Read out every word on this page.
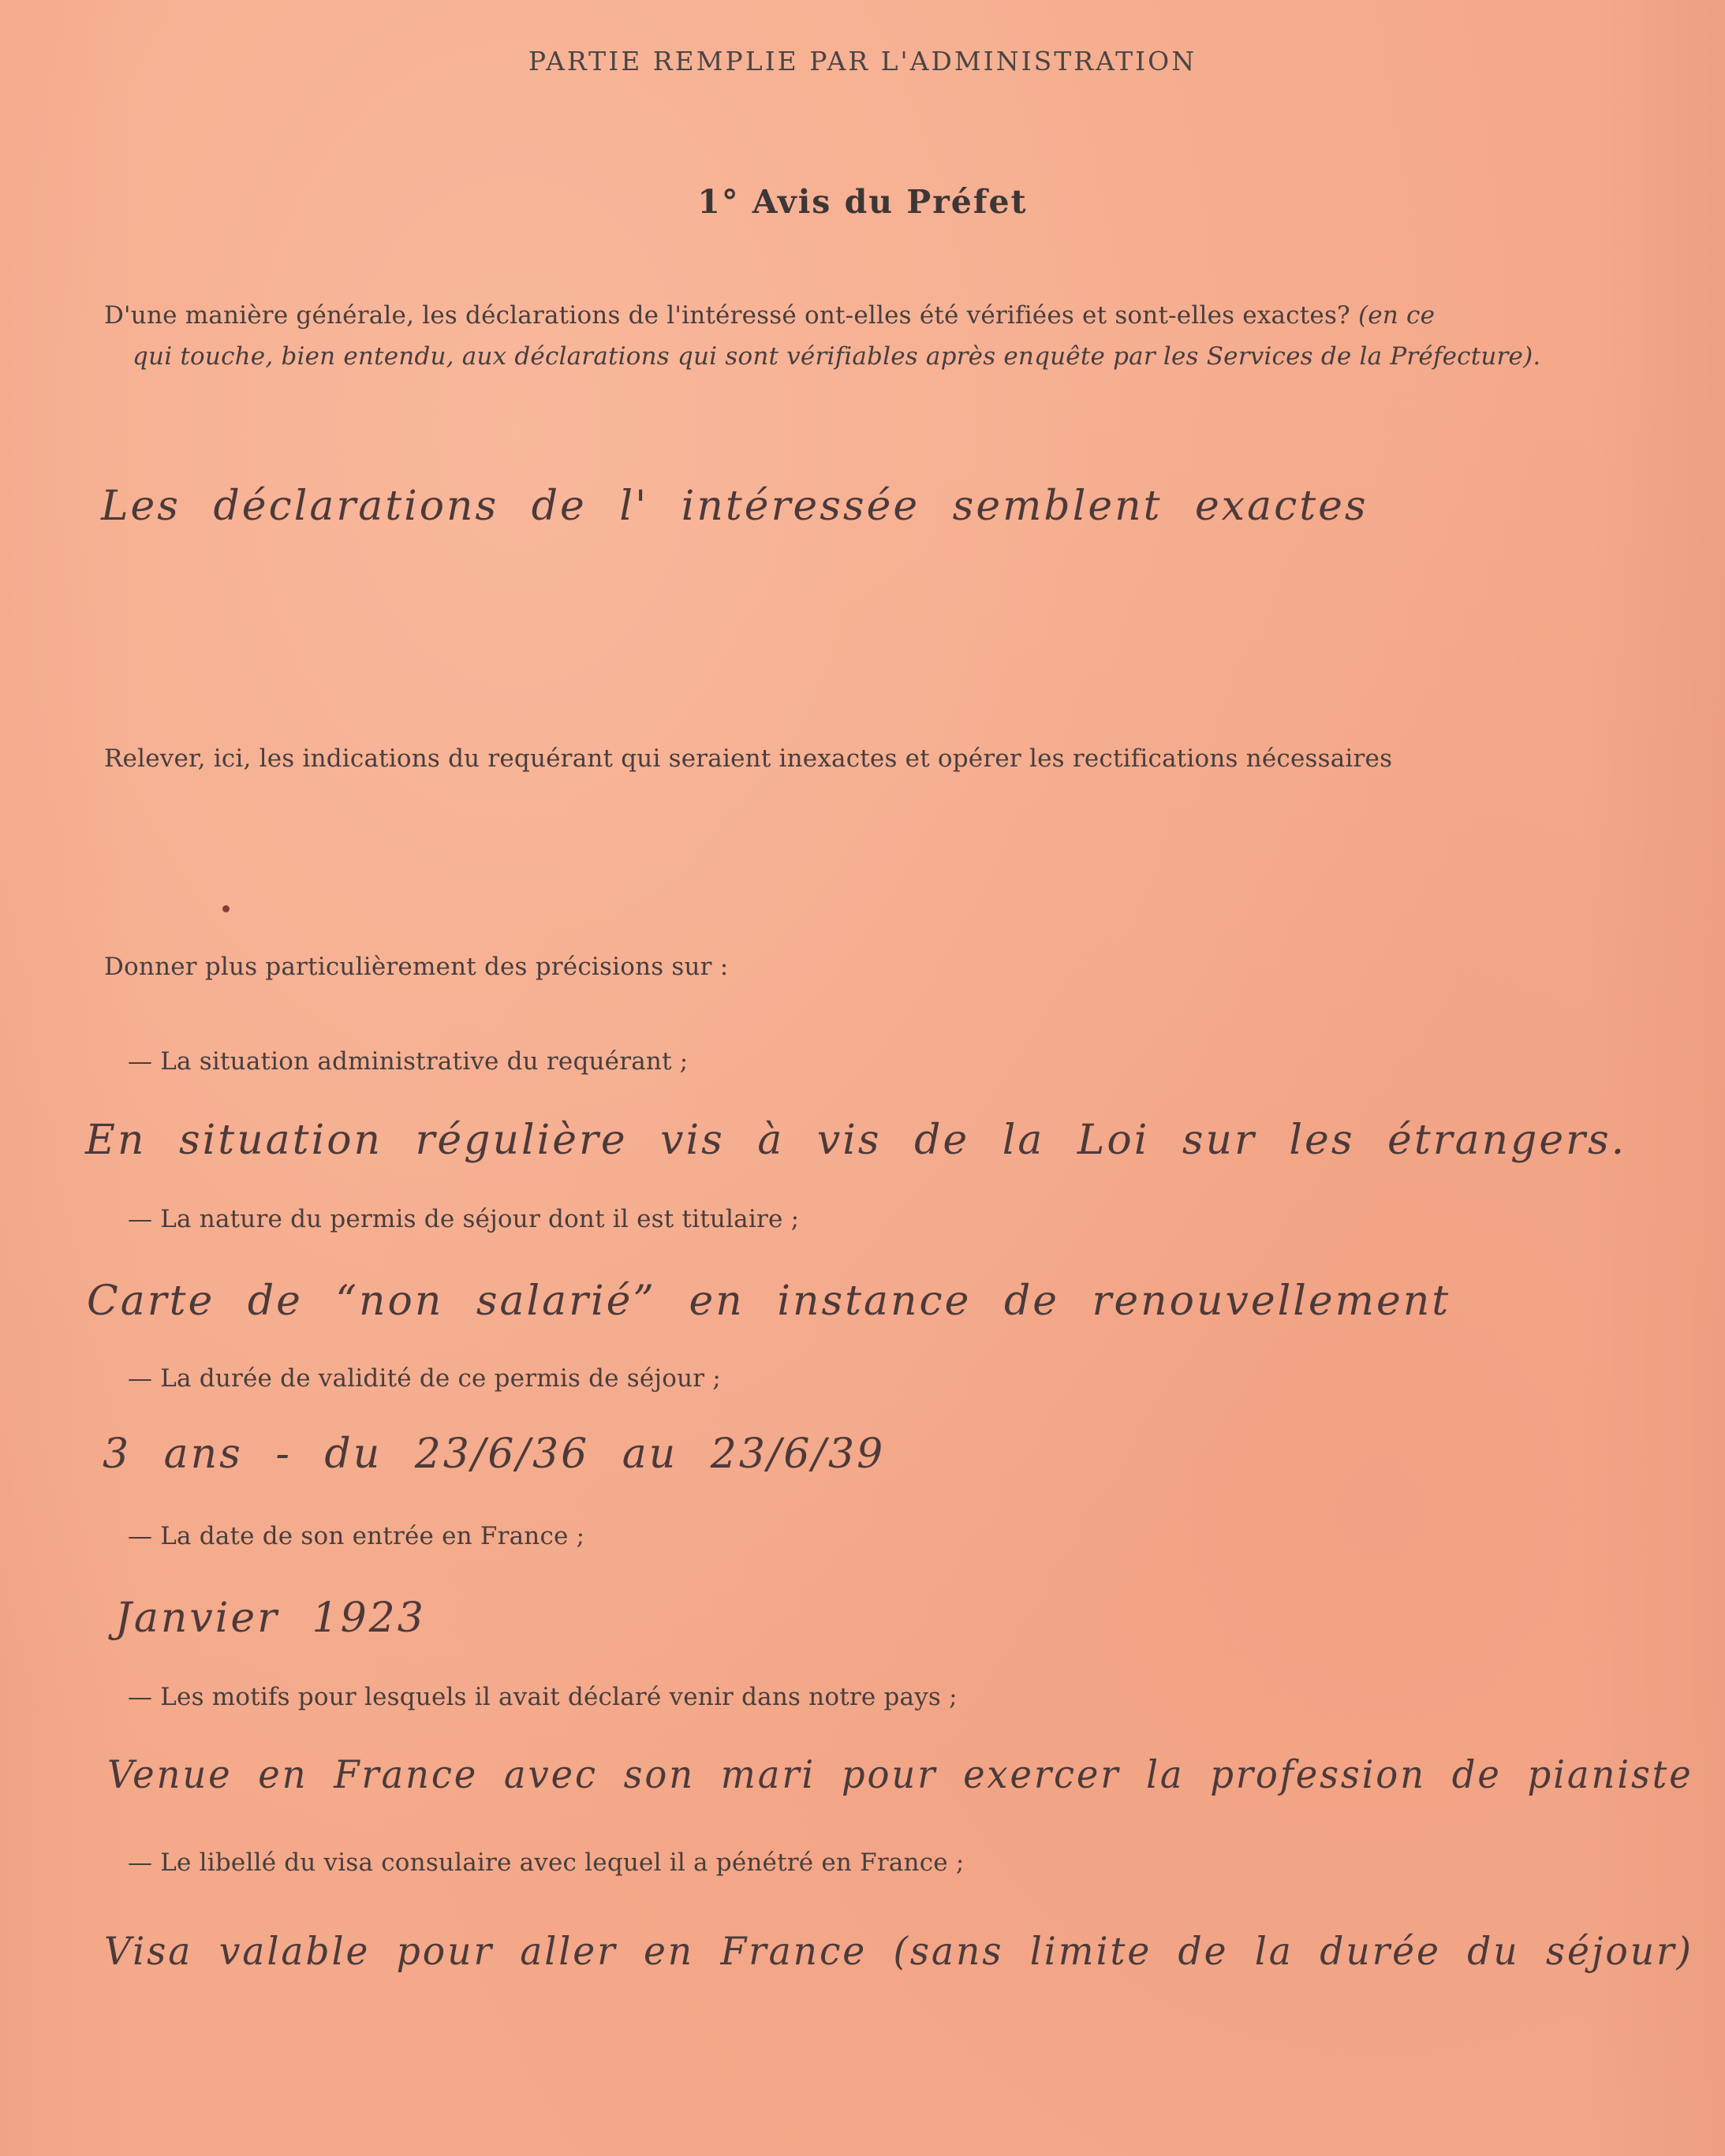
PARTIE REMPLIE PAR L'ADMINISTRATION
1° Avis du Préfet
D'une manière générale, les déclarations de l'intéressé ont-elles été vérifiées et sont-elles exactes? (en ce
qui touche, bien entendu, aux déclarations qui sont vérifiables après enquête par les Services de la Préfecture).
Les déclarations de l' intéressée semblent exactes
Relever, ici, les indications du requérant qui seraient inexactes et opérer les rectifications nécessaires
Donner plus particulièrement des précisions sur :
— La situation administrative du requérant ;
En situation régulière vis à vis de la Loi sur les étrangers.
— La nature du permis de séjour dont il est titulaire ;
Carte de “non salarié” en instance de renouvellement
— La durée de validité de ce permis de séjour ;
3 ans - du 23/6/36 au 23/6/39
— La date de son entrée en France ;
Janvier 1923
— Les motifs pour lesquels il avait déclaré venir dans notre pays ;
Venue en France avec son mari pour exercer la profession de pianiste
— Le libellé du visa consulaire avec lequel il a pénétré en France ;
Visa valable pour aller en France (sans limite de la durée du séjour)
